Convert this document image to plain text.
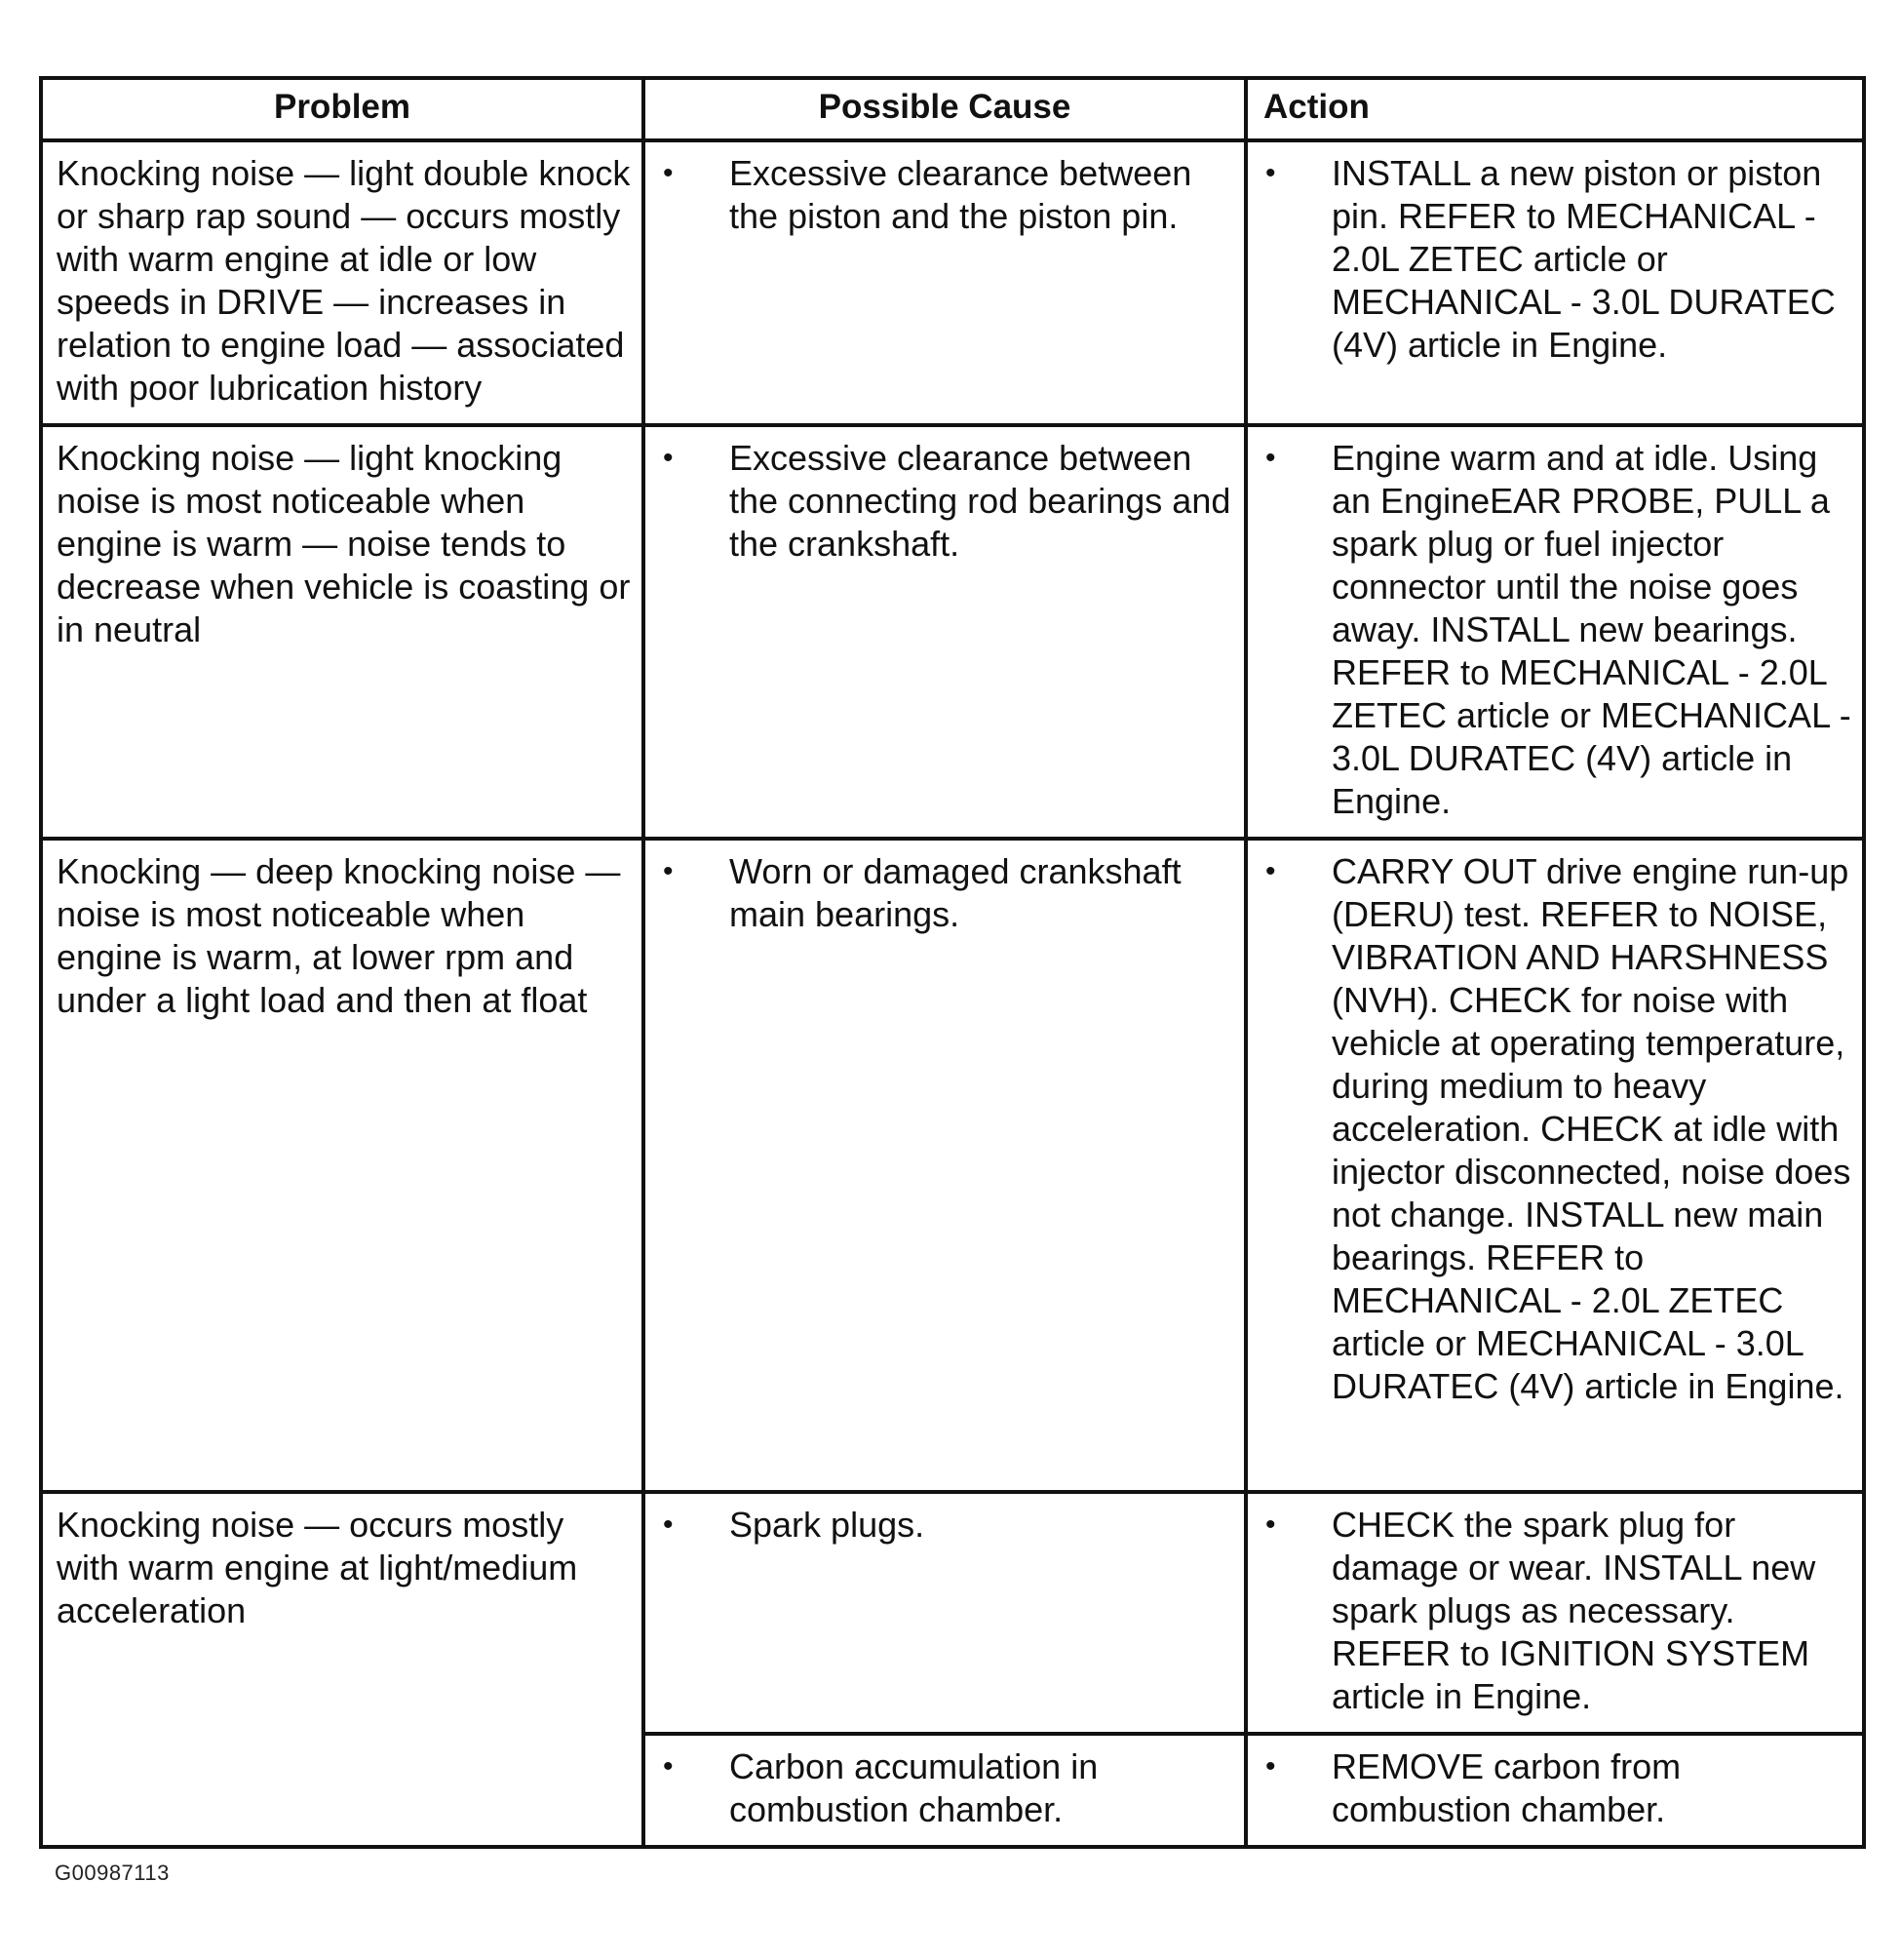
Problem	Possible Cause	Action
Knocking noise — light double knock or sharp rap sound — occurs mostly with warm engine at idle or low speeds in DRIVE — increases in relation to engine load — associated with poor lubrication history	• Excessive clearance between the piston and the piston pin.	• INSTALL a new piston or piston pin. REFER to MECHANICAL - 2.0L ZETEC article or MECHANICAL - 3.0L DURATEC (4V) article in Engine.

Knocking noise — light knocking noise is most noticeable when engine is warm — noise tends to decrease when vehicle is coasting or in neutral	• Excessive clearance between the connecting rod bearings and the crankshaft.	• Engine warm and at idle. Using an EngineEAR PROBE, PULL a spark plug or fuel injector connector until the noise goes away. INSTALL new bearings. REFER to MECHANICAL - 2.0L ZETEC article or MECHANICAL - 3.0L DURATEC (4V) article in Engine.

Knocking — deep knocking noise — noise is most noticeable when engine is warm, at lower rpm and under a light load and then at float	• Worn or damaged crankshaft main bearings.	• CARRY OUT drive engine run-up (DERU) test. REFER to NOISE, VIBRATION AND HARSHNESS (NVH). CHECK for noise with vehicle at operating temperature, during medium to heavy acceleration. CHECK at idle with injector disconnected, noise does not change. INSTALL new main bearings. REFER to MECHANICAL - 2.0L ZETEC article or MECHANICAL - 3.0L DURATEC (4V) article in Engine.

Knocking noise — occurs mostly with warm engine at light/medium acceleration	• Spark plugs.	• CHECK the spark plug for damage or wear. INSTALL new spark plugs as necessary. REFER to IGNITION SYSTEM article in Engine.

	• Carbon accumulation in combustion chamber.	• REMOVE carbon from combustion chamber.
G00987113
